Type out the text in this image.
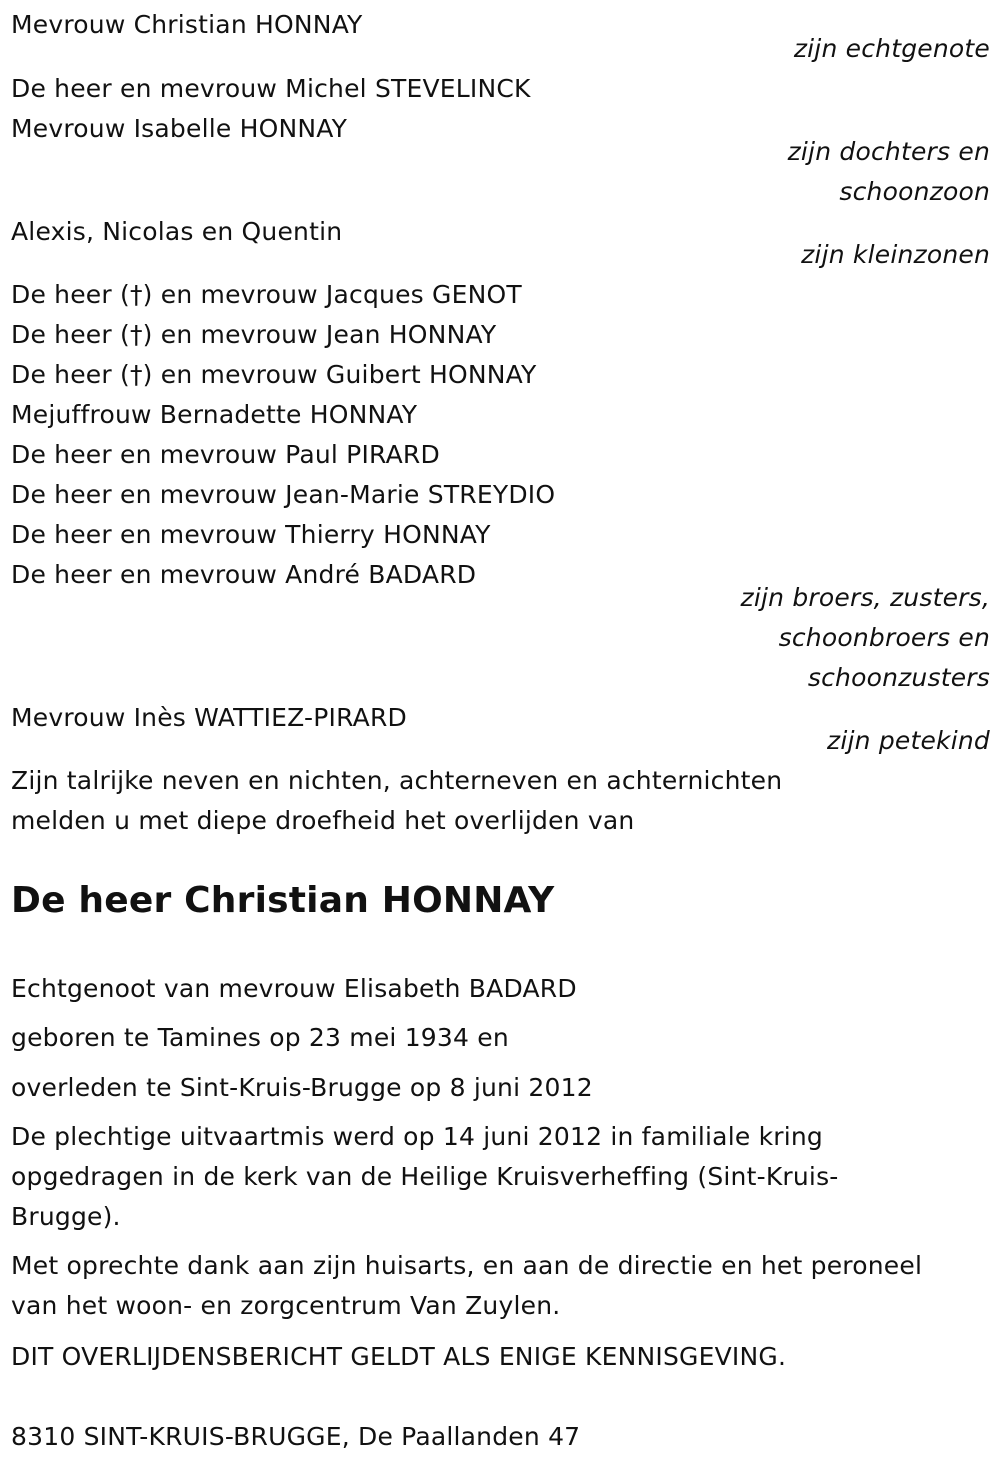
Mevrouw Christian HONNAY
zijn echtgenote
De heer en mevrouw Michel STEVELINCK
Mevrouw Isabelle HONNAY
zijn dochters en
schoonzoon
Alexis, Nicolas en Quentin
zijn kleinzonen
De heer (†) en mevrouw Jacques GENOT
De heer (†) en mevrouw Jean HONNAY
De heer (†) en mevrouw Guibert HONNAY
Mejuffrouw Bernadette HONNAY
De heer en mevrouw Paul PIRARD
De heer en mevrouw Jean-Marie STREYDIO
De heer en mevrouw Thierry HONNAY
De heer en mevrouw André BADARD
zijn broers, zusters,
schoonbroers en
schoonzusters
Mevrouw Inès WATTIEZ-PIRARD
zijn petekind
Zijn talrijke neven en nichten, achterneven en achternichten
melden u met diepe droefheid het overlijden van
De heer Christian HONNAY
Echtgenoot van mevrouw Elisabeth BADARD
geboren te Tamines op 23 mei 1934 en
overleden te Sint-Kruis-Brugge op 8 juni 2012
De plechtige uitvaartmis werd op 14 juni 2012 in familiale kring
opgedragen in de kerk van de Heilige Kruisverheffing (Sint-Kruis-
Brugge).
Met oprechte dank aan zijn huisarts, en aan de directie en het peroneel
van het woon- en zorgcentrum Van Zuylen.
DIT OVERLIJDENSBERICHT GELDT ALS ENIGE KENNISGEVING.
8310 SINT-KRUIS-BRUGGE, De Paallanden 47
